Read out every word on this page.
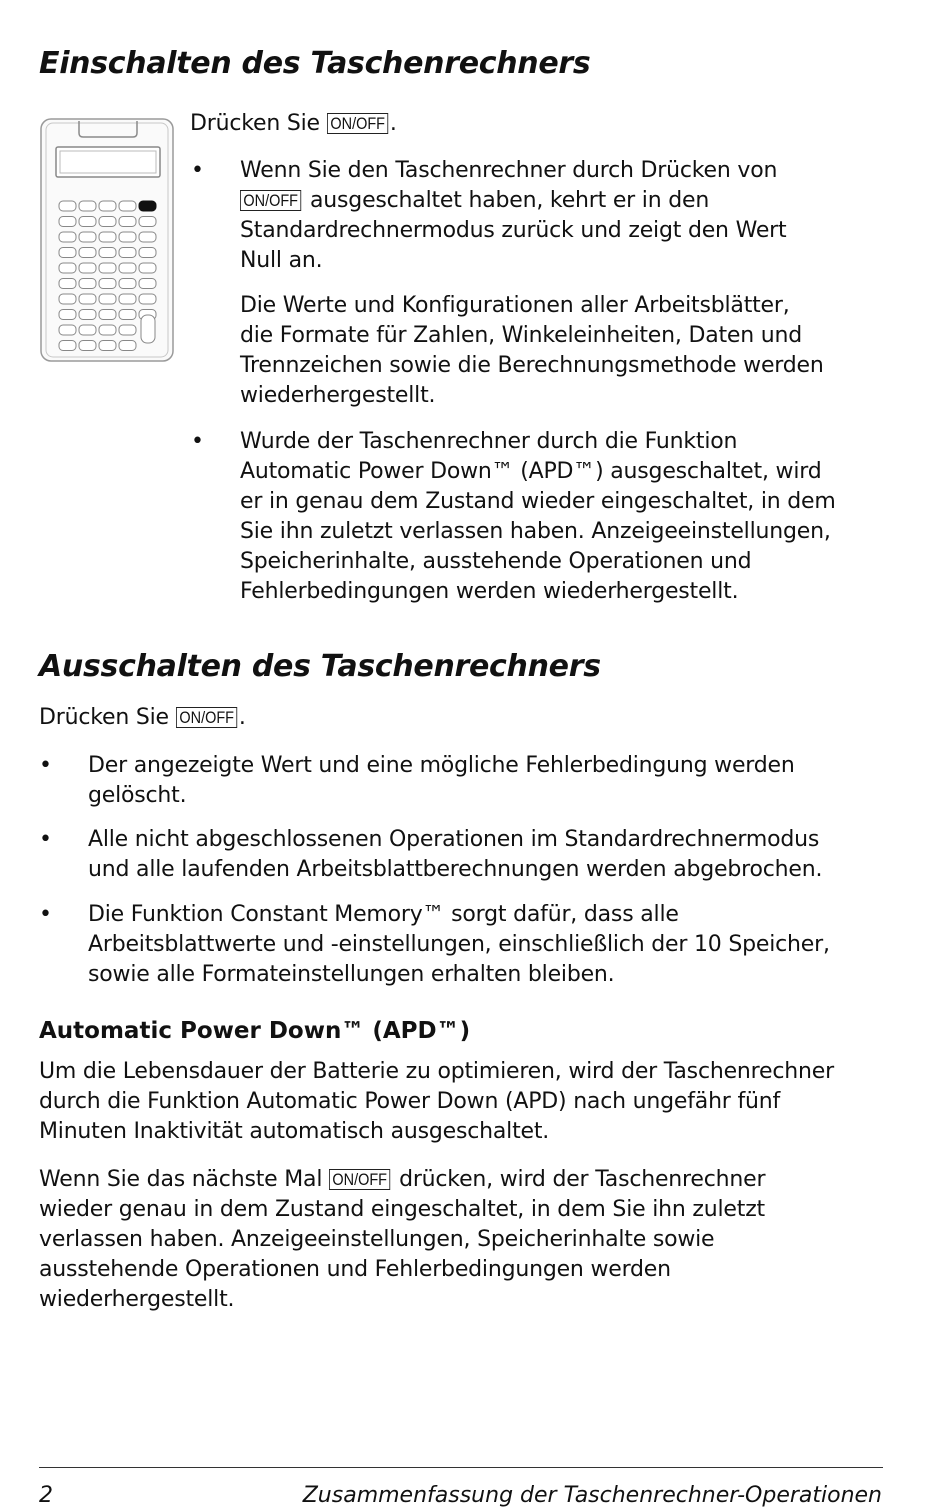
Einschalten des Taschenrechners

Drücken Sie ON/OFF .

• Wenn Sie den Taschenrechner durch Drücken von
ON/OFF ausgeschaltet haben, kehrt er in den
Standardrechnermodus zurück und zeigt den Wert
Null an.
Die Werte und Konfigurationen aller Arbeitsblätter,
die Formate für Zahlen, Winkeleinheiten, Daten und
Trennzeichen sowie die Berechnungsmethode werden
wiederhergestellt.
• Wurde der Taschenrechner durch die Funktion
Automatic Power Down™ (APD™) ausgeschaltet, wird
er in genau dem Zustand wieder eingeschaltet, in dem
Sie ihn zuletzt verlassen haben. Anzeigeeinstellungen,
Speicherinhalte, ausstehende Operationen und
Fehlerbedingungen werden wiederhergestellt.
Ausschalten des Taschenrechners

Drücken Sie ON/OFF .

• Der angezeigte Wert und eine mögliche Fehlerbedingung werden
gelöscht.
• Alle nicht abgeschlossenen Operationen im Standardrechnermodus
und alle laufenden Arbeitsblattberechnungen werden abgebrochen.
• Die Funktion Constant Memory™ sorgt dafür, dass alle
Arbeitsblattwerte und -einstellungen, einschließlich der 10 Speicher,
sowie alle Formateinstellungen erhalten bleiben.
Automatic Power Down™ (APD™)
Um die Lebensdauer der Batterie zu optimieren, wird der Taschenrechner
durch die Funktion Automatic Power Down (APD) nach ungefähr fünf
Minuten Inaktivität automatisch ausgeschaltet.
Wenn Sie das nächste Mal ON/OFF drücken, wird der Taschenrechner
wieder genau in dem Zustand eingeschaltet, in dem Sie ihn zuletzt
verlassen haben. Anzeigeeinstellungen, Speicherinhalte sowie
ausstehende Operationen und Fehlerbedingungen werden
wiederhergestellt.
2	Zusammenfassung der Taschenrechner-Operationen
